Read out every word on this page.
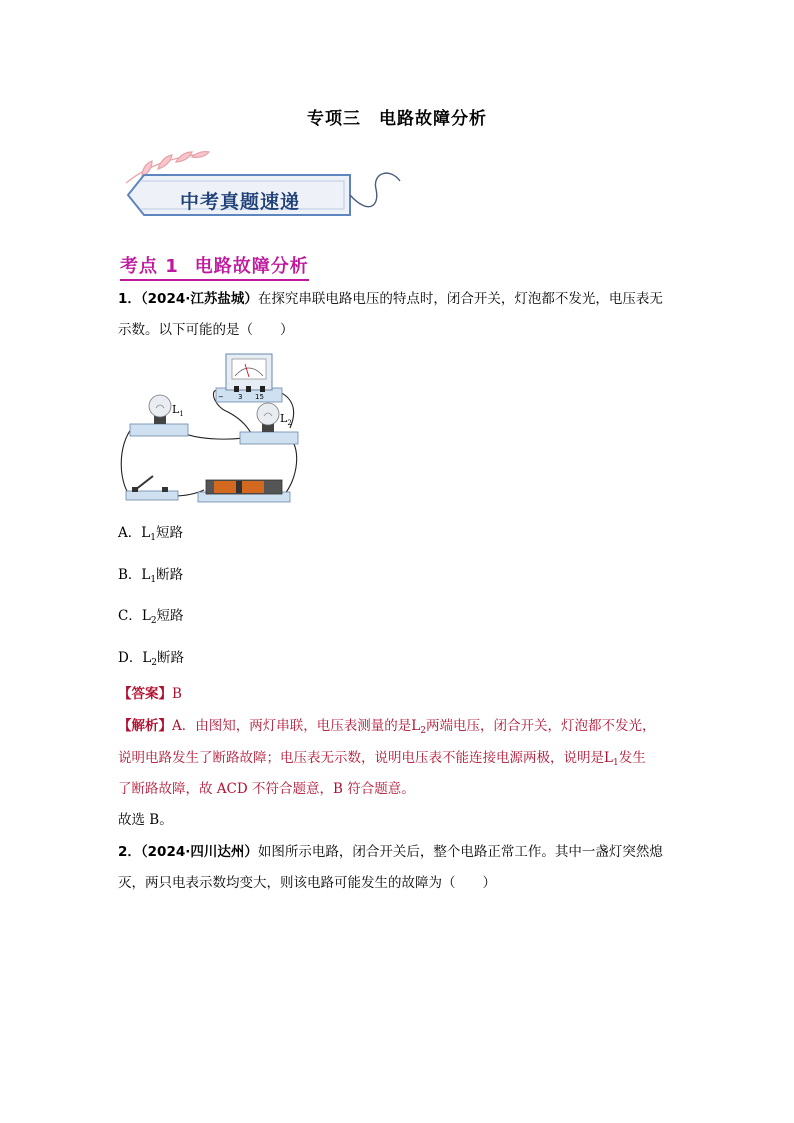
专项三 电路故障分析
中考真题速递
考点 1 电路故障分析
1．（2024·江苏盐城）在探究串联电路电压的特点时，闭合开关，灯泡都不发光，电压表无
示数。以下可能的是（　　）
$L_1$	$L_2$
− 3 15
A．$L_1$短路
B．$L_1$断路
C．$L_2$短路
D．$L_2$断路
【答案】B
【解析】A．由图知，两灯串联，电压表测量的是$L_2$两端电压，闭合开关，灯泡都不发光，
说明电路发生了断路故障；电压表无示数，说明电压表不能连接电源两极，说明是$L_1$发生
了断路故障，故 ACD 不符合题意，B 符合题意。
故选 B。
2．（2024·四川达州）如图所示电路，闭合开关后，整个电路正常工作。其中一盏灯突然熄
灭，两只电表示数均变大，则该电路可能发生的故障为（　　）
